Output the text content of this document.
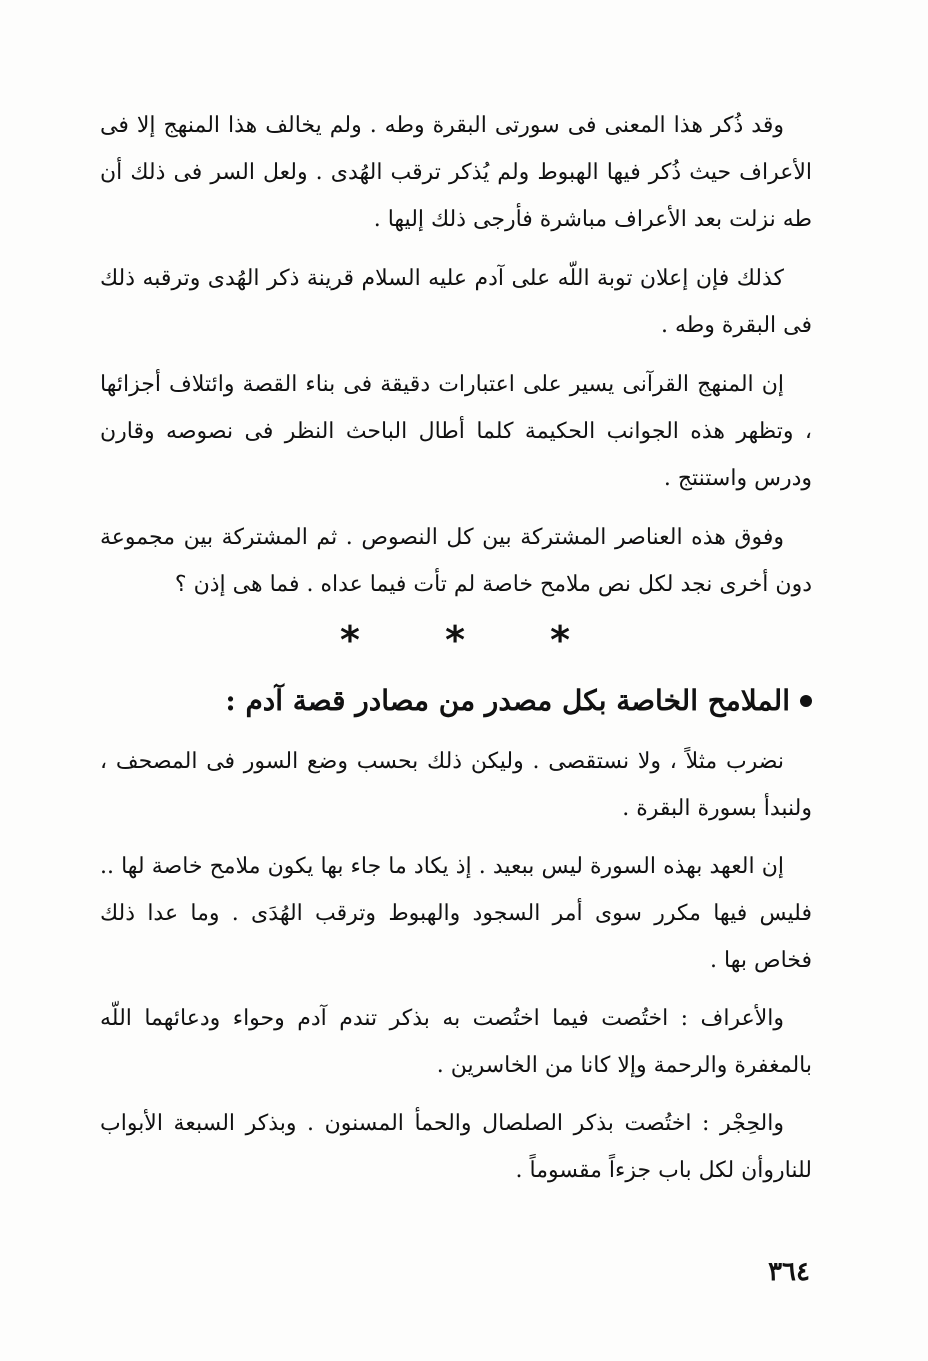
وقد ذُكر هذا المعنى فى سورتى البقرة وطه . ولم يخالف هذا المنهج إلا فى الأعراف حيث ذُكر فيها الهبوط ولم يُذكر ترقب الهُدى . ولعل السر فى ذلك أن طه نزلت بعد الأعراف مباشرة فأرجى ذلك إليها .

كذلك فإن إعلان توبة اللّه على آدم عليه السلام قرينة ذكر الهُدى وترقبه ذلك فى البقرة وطه .

إن المنهج القرآنى يسير على اعتبارات دقيقة فى بناء القصة وائتلاف أجزائها ، وتظهر هذه الجوانب الحكيمة كلما أطال الباحث النظر فى نصوصه وقارن ودرس واستنتج .

وفوق هذه العناصر المشتركة بين كل النصوص . ثم المشتركة بين مجموعة دون أخرى نجد لكل نص ملامح خاصة لم تأت فيما عداه . فما هى إذن ؟

* * *
الملامح الخاصة بكل مصدر من مصادر قصة آدم :

نضرب مثلاً ، ولا نستقصى . وليكن ذلك بحسب وضع السور فى المصحف ، ولنبدأ بسورة البقرة .

إن العهد بهذه السورة ليس ببعيد . إذ يكاد ما جاء بها يكون ملامح خاصة لها .. فليس فيها مكرر سوى أمر السجود والهبوط وترقب الهُدَى . وما عدا ذلك فخاص بها .

والأعراف : اختُصت فيما اختُصت به بذكر تندم آدم وحواء ودعائهما اللّه بالمغفرة والرحمة وإلا كانا من الخاسرين .

والحِجْر : اختُصت بذكر الصلصال والحمأ المسنون . وبذكر السبعة الأبواب للناروأن لكل باب جزءاً مقسوماً .

٣٦٤
